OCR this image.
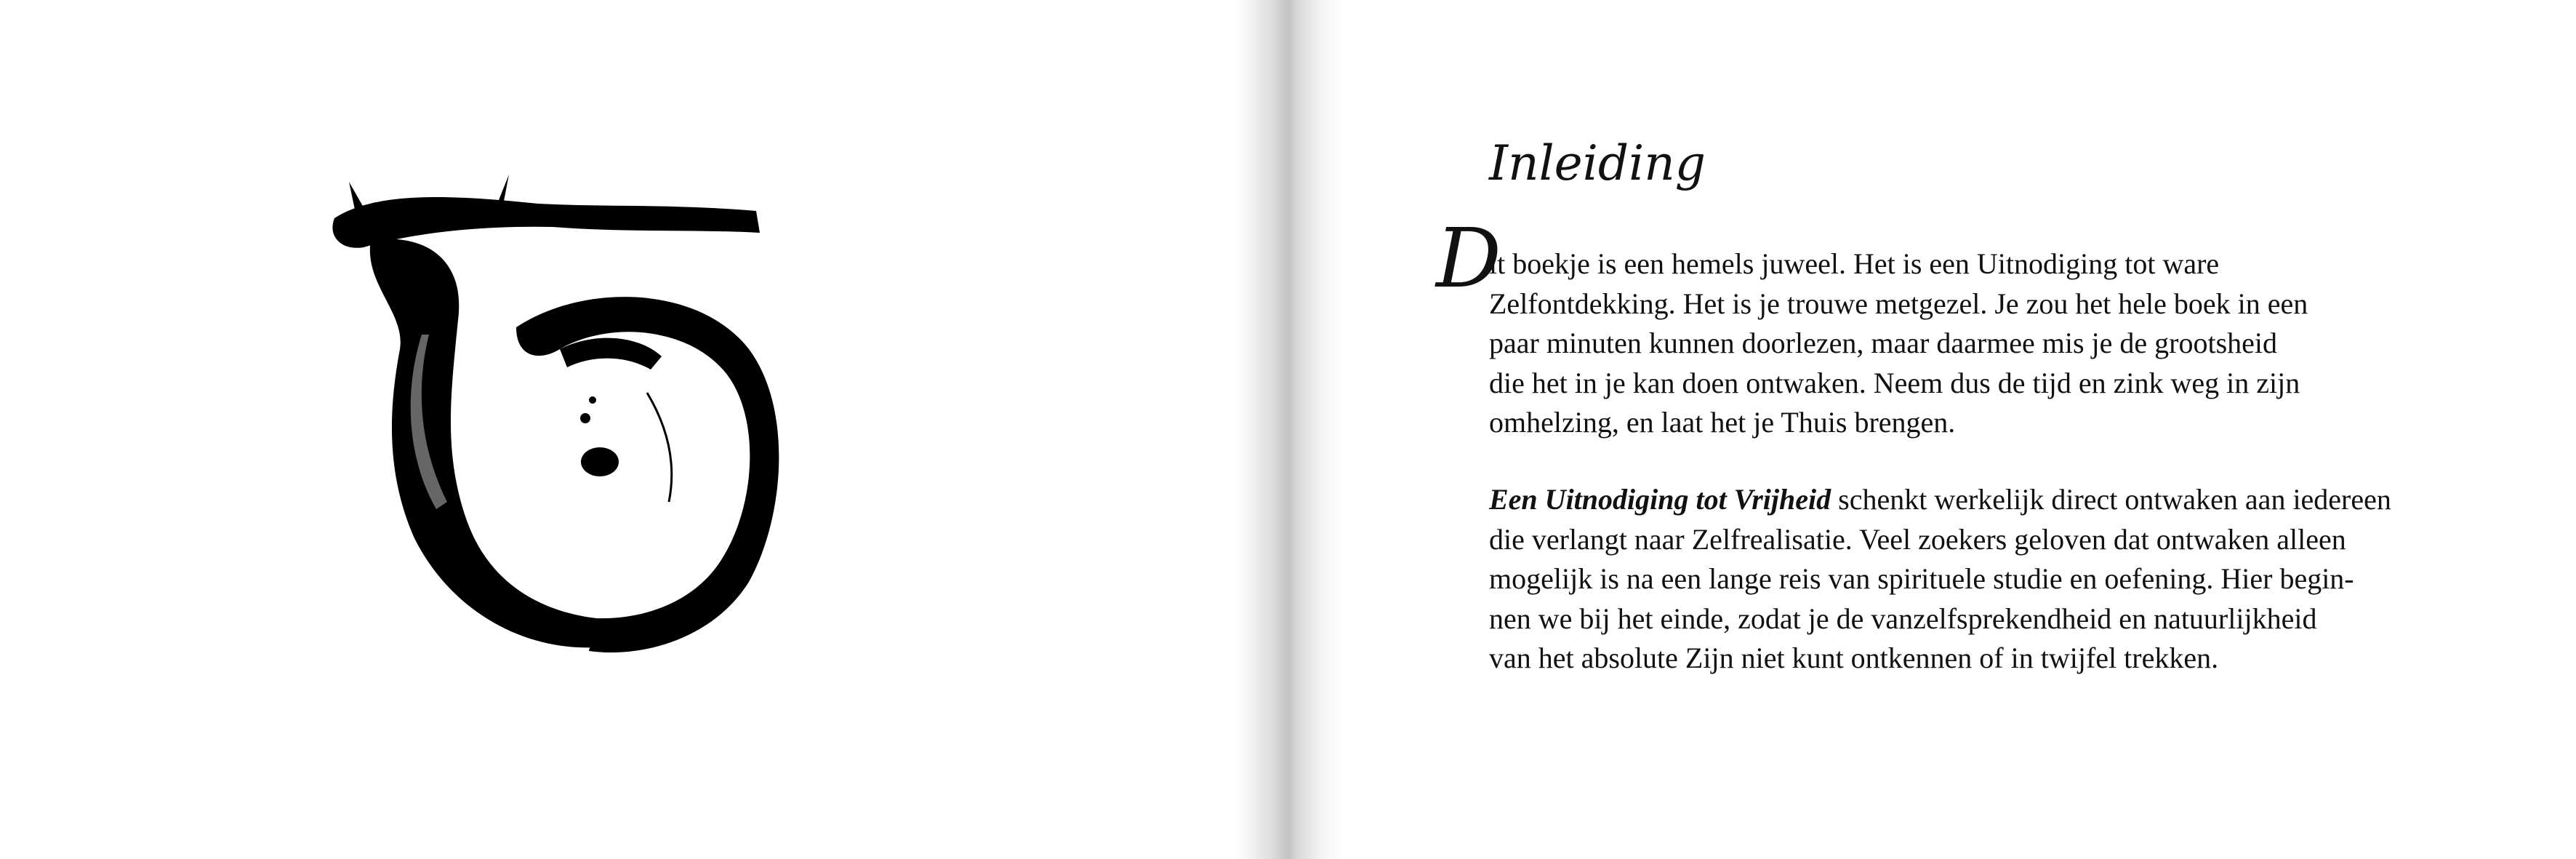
Inleiding
D

it boekje is een hemels juweel. Het is een Uitnodiging tot ware
Zelfontdekking. Het is je trouwe metgezel. Je zou het hele boek in een
paar minuten kunnen doorlezen, maar daarmee mis je de grootsheid
die het in je kan doen ontwaken. Neem dus de tijd en zink weg in zijn
omhelzing, en laat het je Thuis brengen.

Een Uitnodiging tot Vrijheid schenkt werkelijk direct ontwaken aan iedereen
die verlangt naar Zelfrealisatie. Veel zoekers geloven dat ontwaken alleen
mogelijk is na een lange reis van spirituele studie en oefening. Hier begin-
nen we bij het einde, zodat je de vanzelfsprekendheid en natuurlijkheid
van het absolute Zijn niet kunt ontkennen of in twijfel trekken.
